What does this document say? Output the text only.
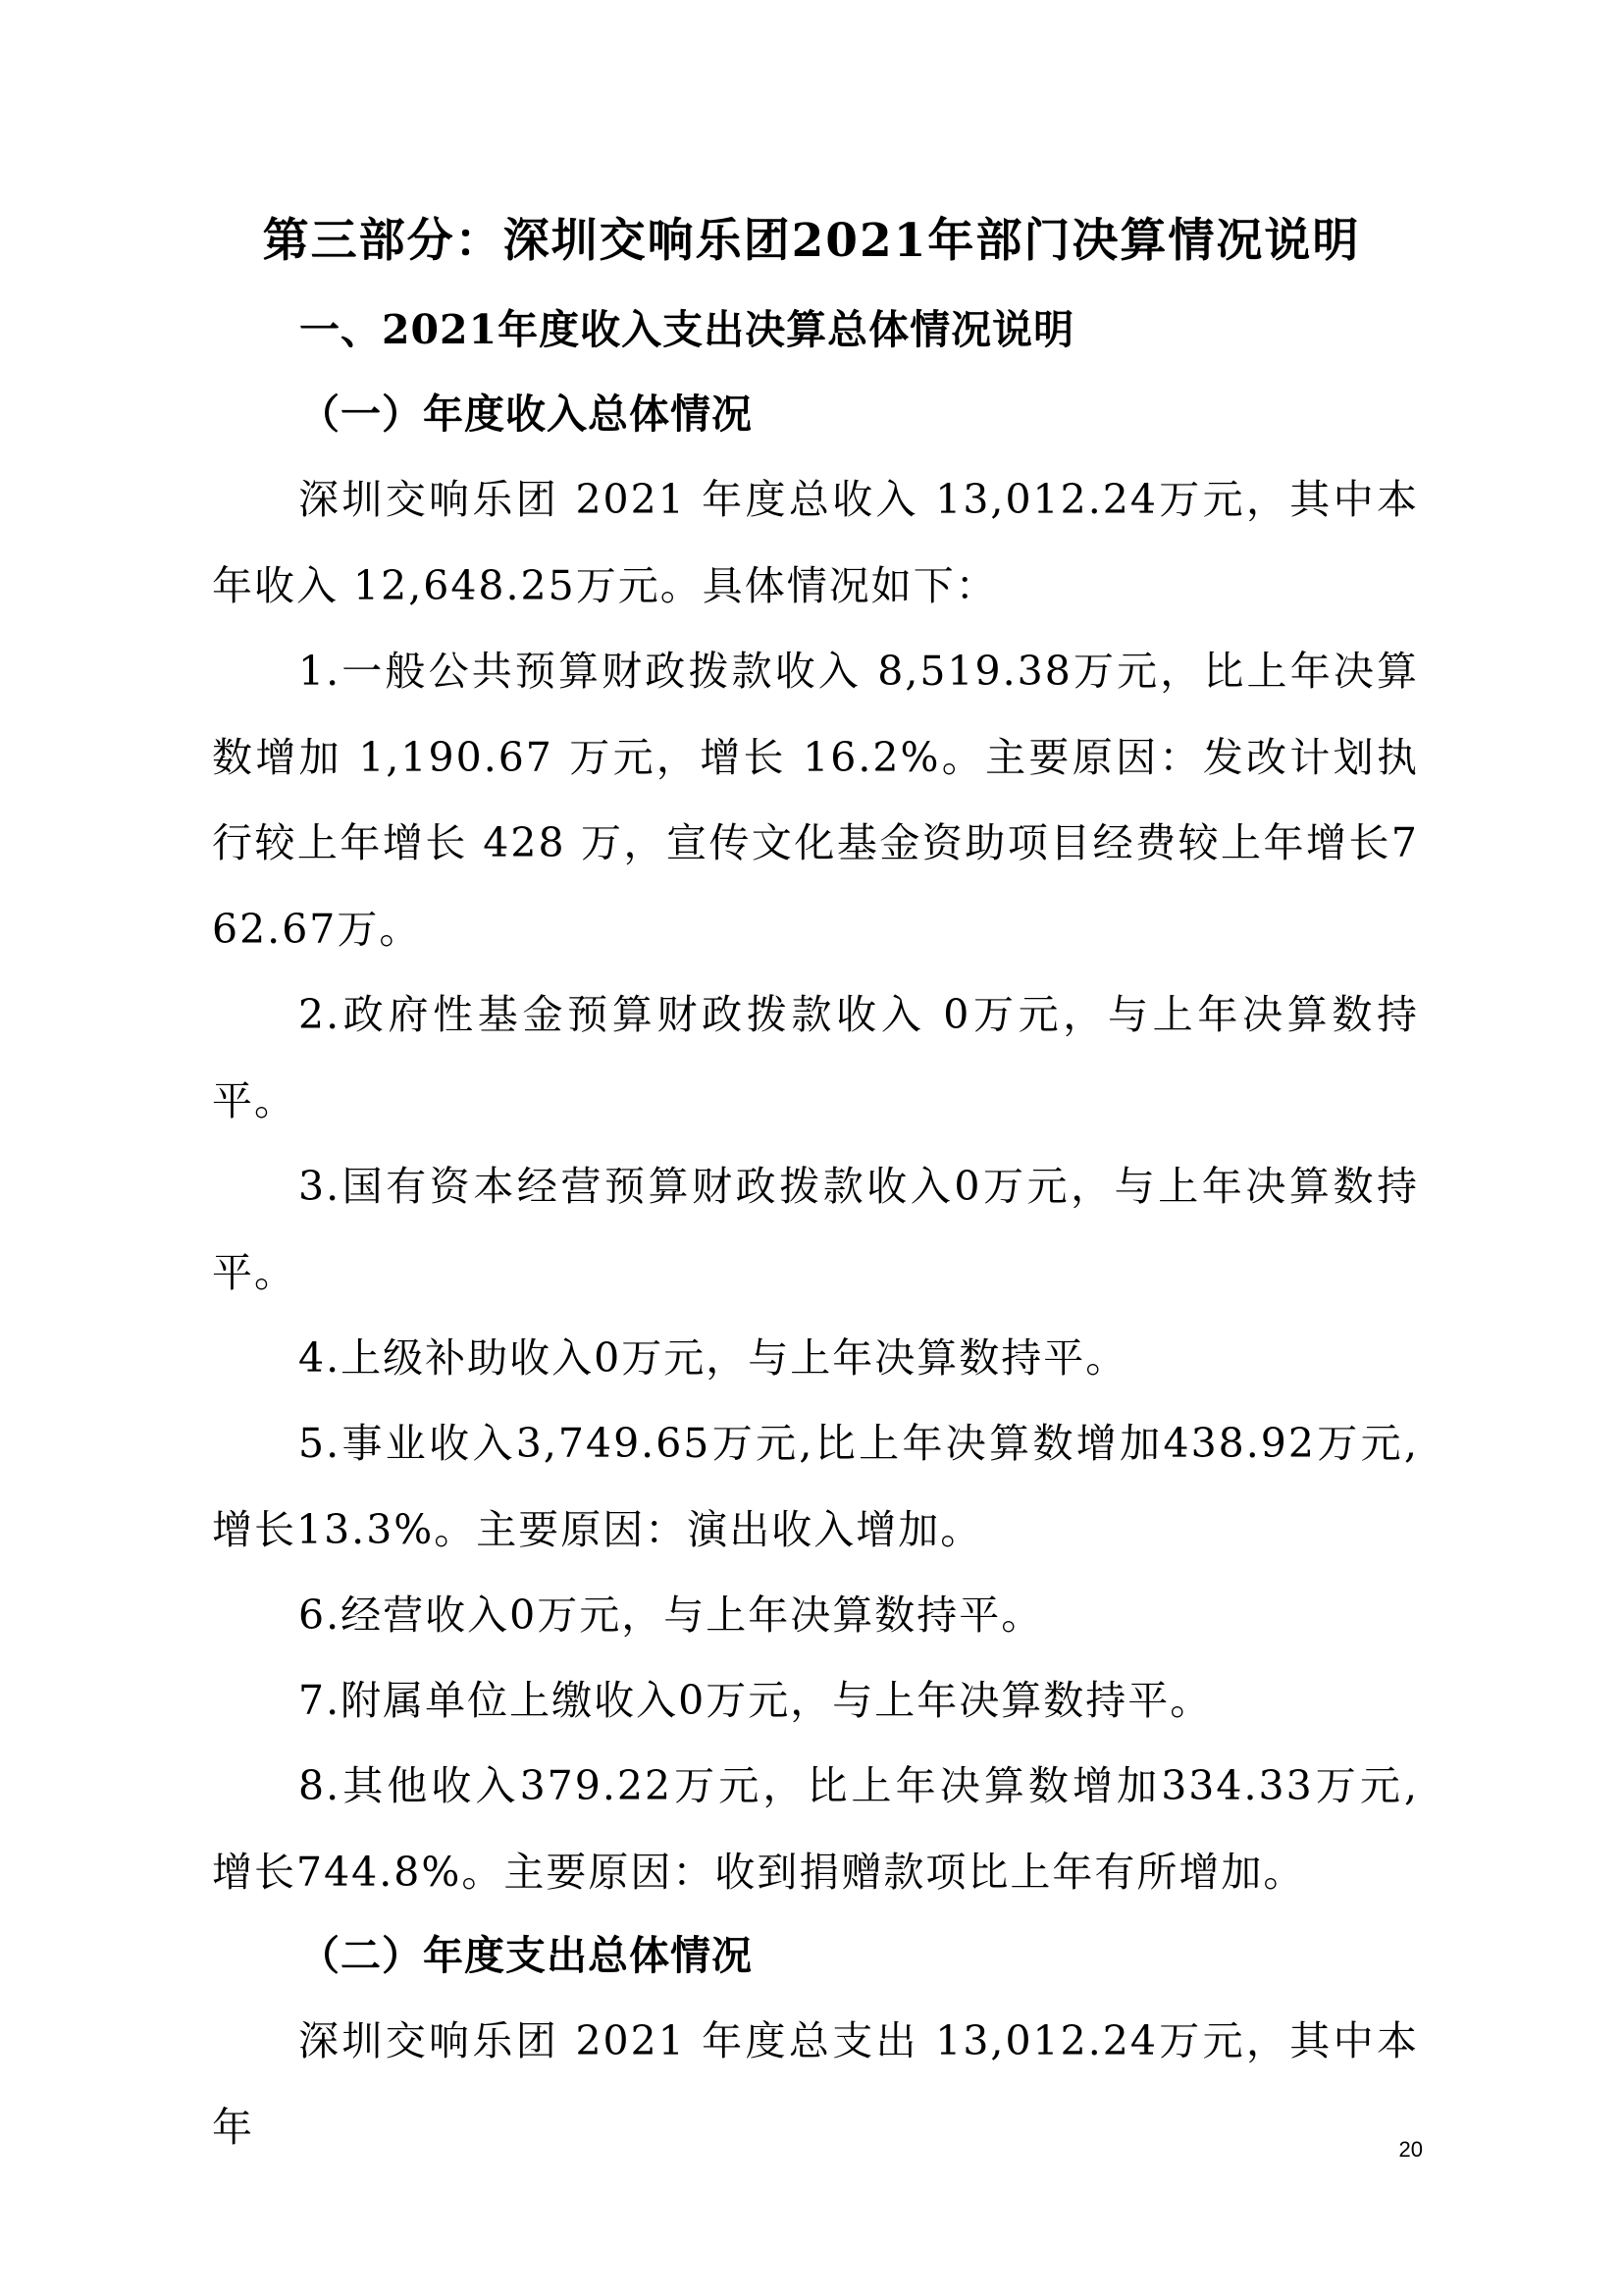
第三部分：深圳交响乐团2021年部门决算情况说明
一、2021年度收入支出决算总体情况说明
（一）年度收入总体情况

深圳交响乐团 2021 年度总收入 13,012.24万元，其中本年收入 12,648.25万元。具体情况如下：

1.一般公共预算财政拨款收入 8,519.38万元，比上年决算数增加 1,190.67 万元，增长 16.2%。主要原因：发改计划执行较上年增长 428 万，宣传文化基金资助项目经费较上年增长762.67万。

2.政府性基金预算财政拨款收入 0万元，与上年决算数持平。

3.国有资本经营预算财政拨款收入0万元，与上年决算数持平。

4.上级补助收入0万元，与上年决算数持平。

5.事业收入3,749.65万元,比上年决算数增加438.92万元,增长13.3%。主要原因：演出收入增加。

6.经营收入0万元，与上年决算数持平。

7.附属单位上缴收入0万元，与上年决算数持平。

8.其他收入379.22万元，比上年决算数增加334.33万元,增长744.8%。主要原因：收到捐赠款项比上年有所增加。

（二）年度支出总体情况

深圳交响乐团 2021 年度总支出 13,012.24万元，其中本年	20
